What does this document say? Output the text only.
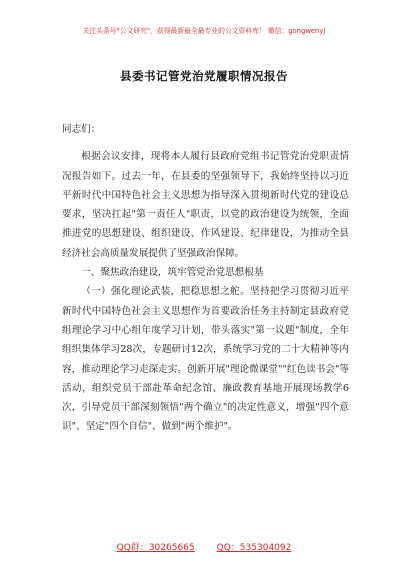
关注头条号"公文研究"，获得最新最全最专业的公文资料库！ 微信：gongwenyj
县委书记管党治党履职情况报告

同志们：

根据会议安排，现将本人履行县政府党组书记管党治党职责情况报告如下。过去一年，在县委的坚强领导下，我始终坚持以习近平新时代中国特色社会主义思想为指导深入贯彻新时代党的建设总要求，坚决扛起"第一责任人"职责，以党的政治建设为统领，全面推进党的思想建设、组织建设、作风建设、纪律建设，为推动全县经济社会高质量发展提供了坚强政治保障。

一、聚焦政治建设，筑牢管党治党思想根基

（一）强化理论武装，把稳思想之舵。坚持把学习贯彻习近平新时代中国特色社会主义思想作为首要政治任务主持制定县政府党组理论学习中心组年度学习计划，带头落实"第一议题"制度，全年组织集体学习28次，专题研讨12次，系统学习党的二十大精神等内容，推动理论学习走深走实。创新开展"理论微课堂""红色读书会"等活动，组织党员干部赴革命纪念馆、廉政教育基地开展现场教学6次，引导党员干部深刻领悟"两个确立"的决定性意义，增强"四个意识"、坚定"四个自信"、做到"两个维护"。

QQ群：30265665 QQ：535304092
